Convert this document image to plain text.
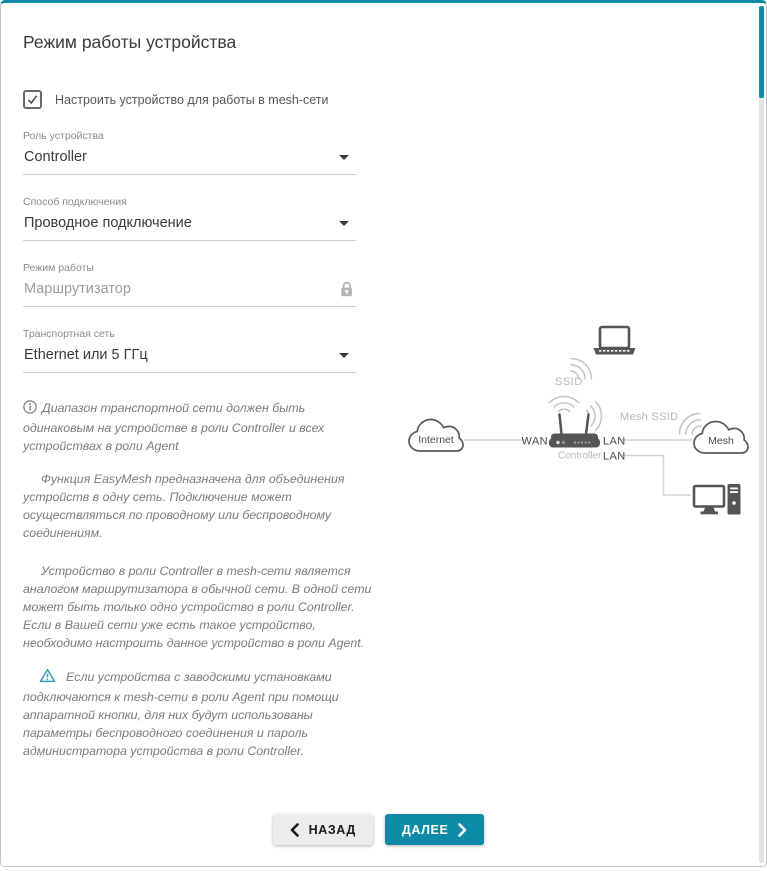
Режим работы устройства
Настроить устройство для работы в mesh-сети
Роль устройства
Controller
Способ подключения
Проводное подключение
Режим работы
Маршрутизатор
Транспортная сеть
Ethernet или 5 ГГц

Диапазон транспортной сети должен быть одинаковым на устройстве в роли Controller и всех устройствах в роли Agent

Функция EasyMesh предназначена для объединения устройств в одну сеть. Подключение может осуществляться по проводному или беспроводному соединениям.

Устройство в роли Controller в mesh-сети является аналогом маршрутизатора в обычной сети. В одной сети может быть только одно устройство в роли Controller. Если в Вашей сети уже есть такое устройство, необходимо настроить данное устройство в роли Agent.

Если устройства с заводскими установками подключаются к mesh-сети в роли Agent при помощи аппаратной кнопки, для них будут использованы параметры беспроводного соединения и пароль администратора устройства в роли Controller.

Internet	Mesh
SSID
Mesh SSID
WAN	LAN
Controller LAN
НАЗАД	ДАЛЕЕ
